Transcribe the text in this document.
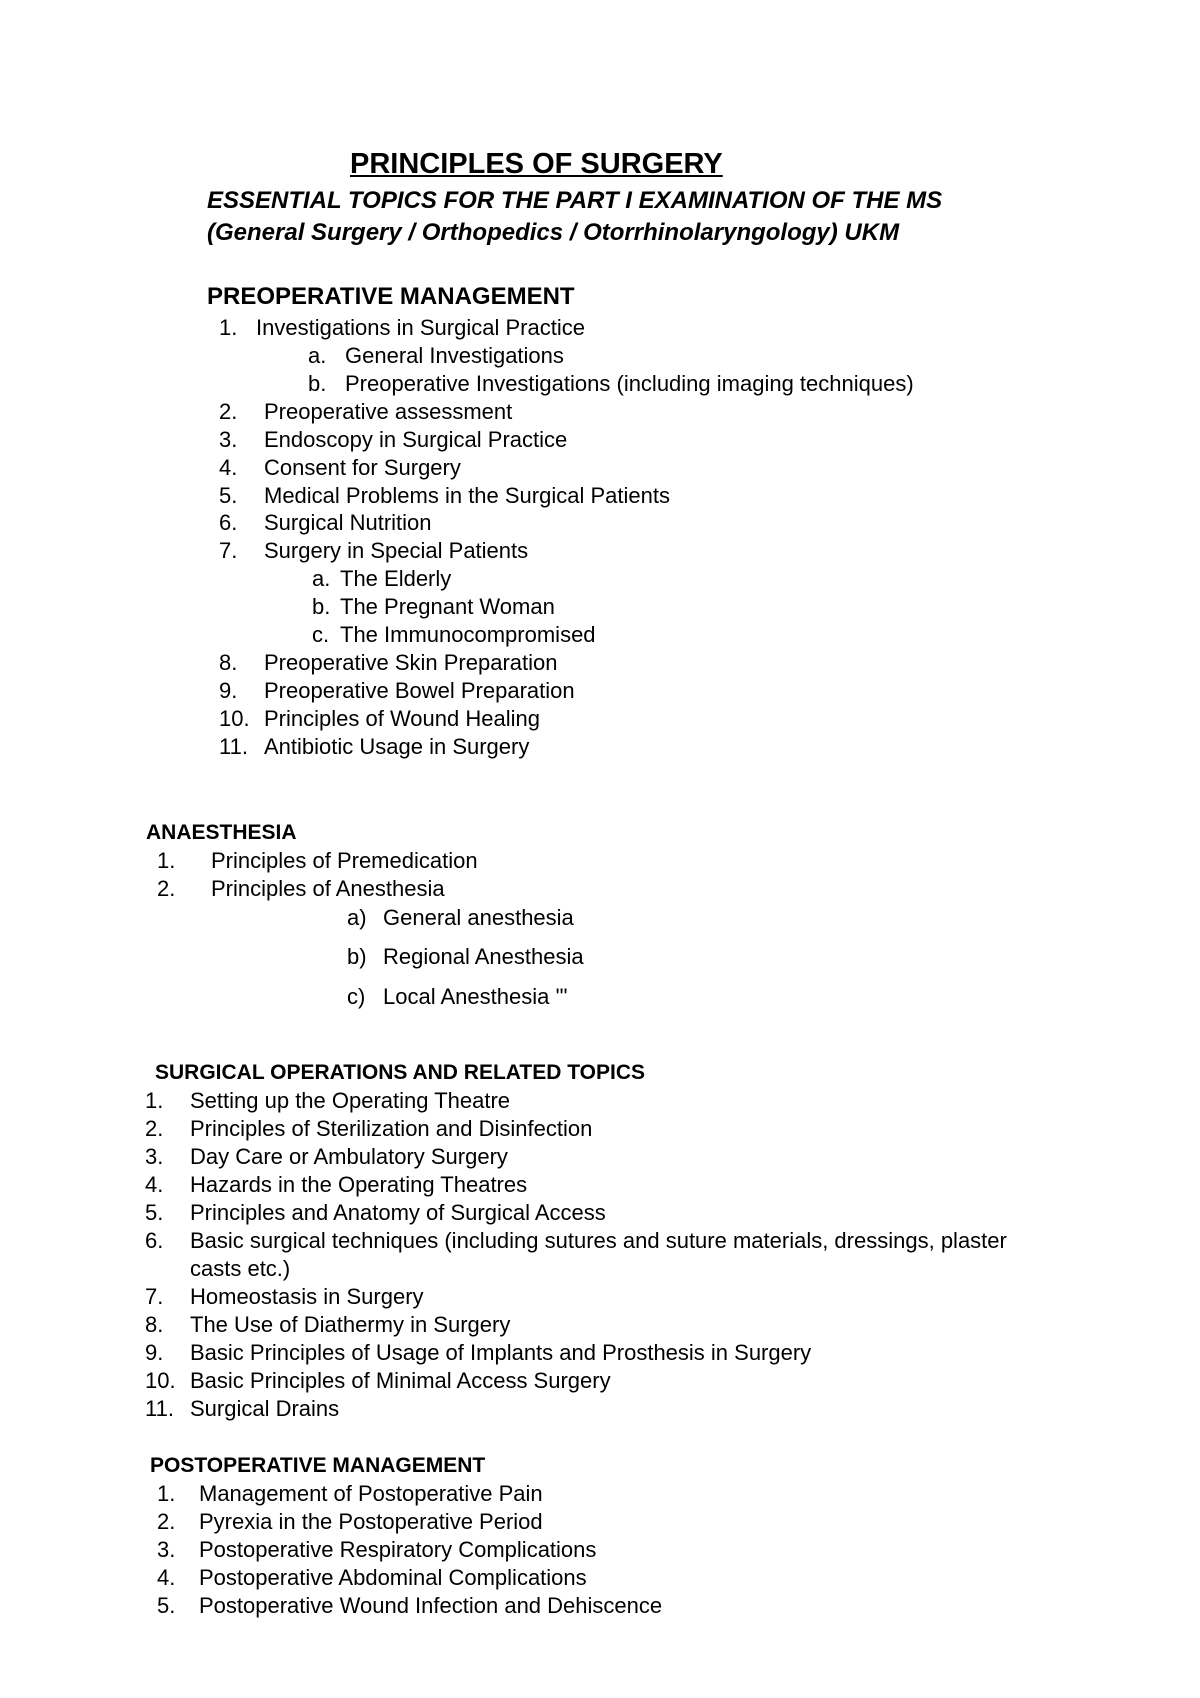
PRINCIPLES OF SURGERY
ESSENTIAL TOPICS FOR THE PART I EXAMINATION OF THE MS
(General Surgery / Orthopedics / Otorrhinolaryngology) UKM
PREOPERATIVE MANAGEMENT
1. Investigations in Surgical Practice
a. General Investigations
b. Preoperative Investigations (including imaging techniques)
2. Preoperative assessment
3. Endoscopy in Surgical Practice
4. Consent for Surgery
5. Medical Problems in the Surgical Patients
6. Surgical Nutrition
7. Surgery in Special Patients
a. The Elderly
b. The Pregnant Woman
c. The Immunocompromised
8. Preoperative Skin Preparation
9. Preoperative Bowel Preparation
10. Principles of Wound Healing
11. Antibiotic Usage in Surgery
ANAESTHESIA
1. Principles of Premedication
2. Principles of Anesthesia
a) General anesthesia
b) Regional Anesthesia
c) Local Anesthesia '"
SURGICAL OPERATIONS AND RELATED TOPICS
1. Setting up the Operating Theatre
2. Principles of Sterilization and Disinfection
3. Day Care or Ambulatory Surgery
4. Hazards in the Operating Theatres
5. Principles and Anatomy of Surgical Access
6. Basic surgical techniques (including sutures and suture materials, dressings, plaster
casts etc.)
7. Homeostasis in Surgery
8. The Use of Diathermy in Surgery
9. Basic Principles of Usage of Implants and Prosthesis in Surgery
10. Basic Principles of Minimal Access Surgery
11. Surgical Drains
POSTOPERATIVE MANAGEMENT
1. Management of Postoperative Pain
2. Pyrexia in the Postoperative Period
3. Postoperative Respiratory Complications
4. Postoperative Abdominal Complications
5. Postoperative Wound Infection and Dehiscence
